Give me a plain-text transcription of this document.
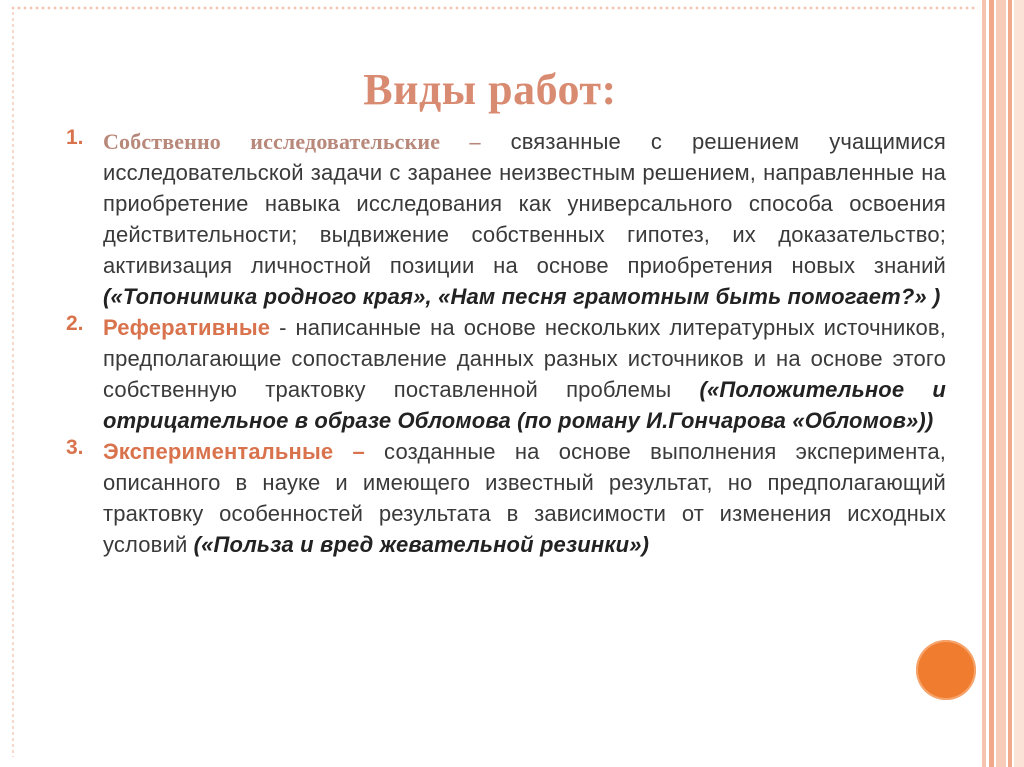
Виды работ:
1. Собственно исследовательские – связанные с решением учащимися исследовательской задачи с заранее неизвестным решением, направленные на приобретение навыка исследования как универсального способа освоения действительности; выдвижение собственных гипотез, их доказательство; активизация личностной позиции на основе приобретения новых знаний («Топонимика родного края», «Нам песня грамотным быть помогает?» )

2. Реферативные - написанные на основе нескольких литературных источников, предполагающие сопоставление данных разных источников и на основе этого собственную трактовку поставленной проблемы («Положительное и отрицательное в образе Обломова (по роману И.Гончарова «Обломов»))

3. Экспериментальные – созданные на основе выполнения эксперимента, описанного в науке и имеющего известный результат, но предполагающий трактовку особенностей результата в зависимости от изменения исходных условий («Польза и вред жевательной резинки»)
